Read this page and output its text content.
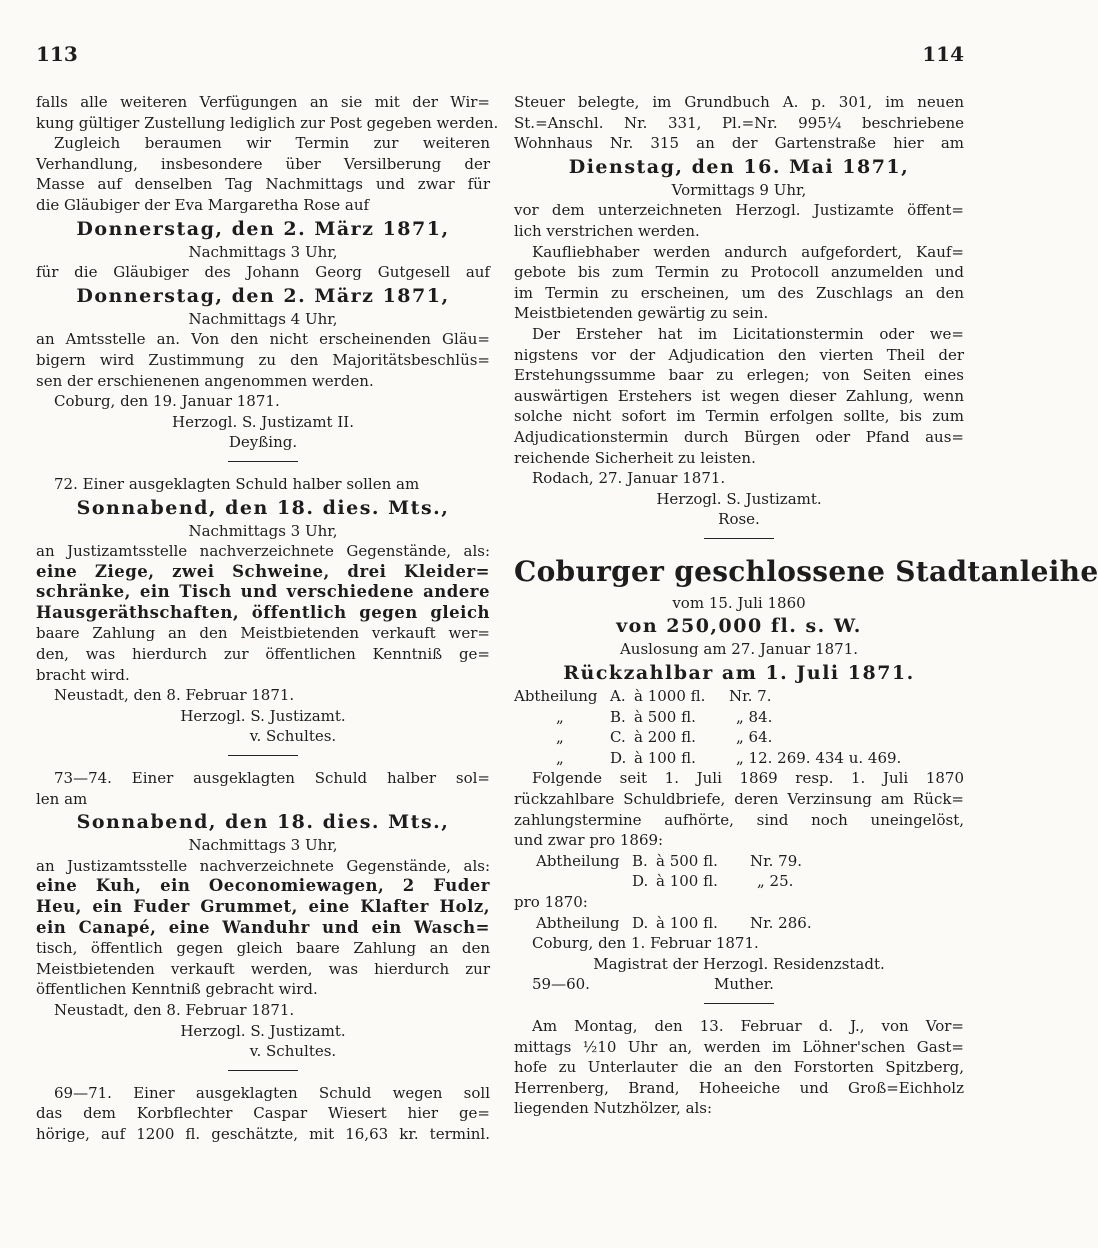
113	114
falls alle weiteren Verfügungen an sie mit der Wir=
kung gültiger Zustellung lediglich zur Post gegeben werden.
Zugleich beraumen wir Termin zur weiteren
Verhandlung, insbesondere über Versilberung der
Masse auf denselben Tag Nachmittags und zwar für
die Gläubiger der Eva Margaretha Rose auf
Donnerstag, den 2. März 1871,
Nachmittags 3 Uhr,
für die Gläubiger des Johann Georg Gutgesell auf
Donnerstag, den 2. März 1871,
Nachmittags 4 Uhr,
an Amtsstelle an. Von den nicht erscheinenden Gläu=
bigern wird Zustimmung zu den Majoritätsbeschlüs=
sen der erschienenen angenommen werden.
Coburg, den 19. Januar 1871.
Herzogl. S. Justizamt II.
Deyßing.
72. Einer ausgeklagten Schuld halber sollen am
Sonnabend, den 18. dies. Mts.,
Nachmittags 3 Uhr,
an Justizamtsstelle nachverzeichnete Gegenstände, als:
eine Ziege, zwei Schweine, drei Kleider=
schränke, ein Tisch und verschiedene andere
Hausgeräthschaften, öffentlich gegen gleich
baare Zahlung an den Meistbietenden verkauft wer=
den, was hierdurch zur öffentlichen Kenntniß ge=
bracht wird.
Neustadt, den 8. Februar 1871.
Herzogl. S. Justizamt.
v. Schultes.
73—74. Einer ausgeklagten Schuld halber sol=
len am
Sonnabend, den 18. dies. Mts.,
Nachmittags 3 Uhr,
an Justizamtsstelle nachverzeichnete Gegenstände, als:
eine Kuh, ein Oeconomiewagen, 2 Fuder
Heu, ein Fuder Grummet, eine Klafter Holz,
ein Canapé, eine Wanduhr und ein Wasch=
tisch, öffentlich gegen gleich baare Zahlung an den
Meistbietenden verkauft werden, was hierdurch zur
öffentlichen Kenntniß gebracht wird.
Neustadt, den 8. Februar 1871.
Herzogl. S. Justizamt.
v. Schultes.
69—71. Einer ausgeklagten Schuld wegen soll
das dem Korbflechter Caspar Wiesert hier ge=
hörige, auf 1200 fl. geschätzte, mit 16,63 kr. terminl.
Steuer belegte, im Grundbuch A. p. 301, im neuen
St.=Anschl. Nr. 331, Pl.=Nr. 995¼ beschriebene
Wohnhaus Nr. 315 an der Gartenstraße hier am
Dienstag, den 16. Mai 1871,
Vormittags 9 Uhr,
vor dem unterzeichneten Herzogl. Justizamte öffent=
lich verstrichen werden.
Kaufliebhaber werden andurch aufgefordert, Kauf=
gebote bis zum Termin zu Protocoll anzumelden und
im Termin zu erscheinen, um des Zuschlags an den
Meistbietenden gewärtig zu sein.
Der Ersteher hat im Licitationstermin oder we=
nigstens vor der Adjudication den vierten Theil der
Erstehungssumme baar zu erlegen; von Seiten eines
auswärtigen Erstehers ist wegen dieser Zahlung, wenn
solche nicht sofort im Termin erfolgen sollte, bis zum
Adjudicationstermin durch Bürgen oder Pfand aus=
reichende Sicherheit zu leisten.
Rodach, 27. Januar 1871.
Herzogl. S. Justizamt.
Rose.
Coburger geschlossene Stadtanleihe
vom 15. Juli 1860
von 250,000 fl. s. W.
Auslosung am 27. Januar 1871.
Rückzahlbar am 1. Juli 1871.
Abtheilung A. à 1000 fl. Nr. 7.
„	B. à 500 fl.	„ 84.
„	C. à 200 fl.	„ 64.
„	D. à 100 fl.	„ 12. 269. 434 u. 469.
Folgende seit 1. Juli 1869 resp. 1. Juli 1870
rückzahlbare Schuldbriefe, deren Verzinsung am Rück=
zahlungstermine aufhörte, sind noch uneingelöst,
und zwar pro 1869:
Abtheilung B. à 500 fl. Nr. 79.
D. à 100 fl.	„ 25.
pro 1870:
Abtheilung D. à 100 fl. Nr. 286.
Coburg, den 1. Februar 1871.
Magistrat der Herzogl. Residenzstadt.
59—60.	Muther.
Am Montag, den 13. Februar d. J., von Vor=
mittags ½10 Uhr an, werden im Löhner'schen Gast=
hofe zu Unterlauter die an den Forstorten Spitzberg,
Herrenberg, Brand, Hoheeiche und Groß=Eichholz
liegenden Nutzhölzer, als:
